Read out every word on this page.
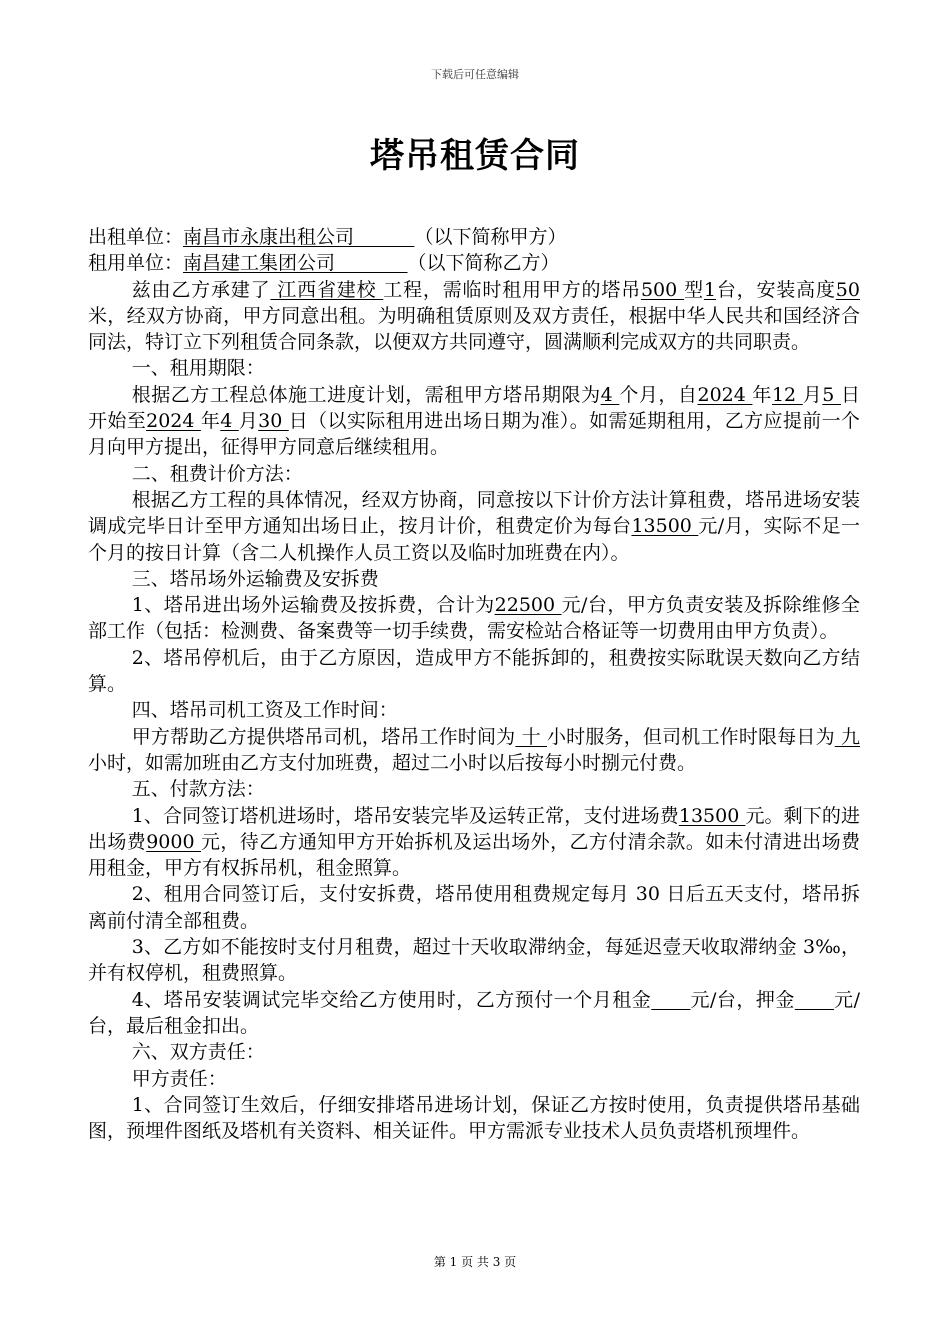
下载后可任意编辑
塔吊租赁合同

出租单位：南昌市永康出租公司	（以下简称甲方）

租用单位：南昌建工集团公司	（以下简称乙方）

兹由乙方承建了 江西省建校 工程，需临时租用甲方的塔吊500 型1台，安装高度50 米，经双方协商，甲方同意出租。为明确租赁原则及双方责任，根据中华人民共和国经济合同法，特订立下列租赁合同条款，以便双方共同遵守，圆满顺利完成双方的共同职责。

一、租用期限：

根据乙方工程总体施工进度计划，需租甲方塔吊期限为4 个月，自2024 年12 月5 日开始至2024 年4 月30 日（以实际租用进出场日期为准）。如需延期租用，乙方应提前一个月向甲方提出，征得甲方同意后继续租用。

二、租费计价方法：

根据乙方工程的具体情况，经双方协商，同意按以下计价方法计算租费，塔吊进场安装调成完毕日计至甲方通知出场日止，按月计价，租费定价为每台13500 元/月，实际不足一个月的按日计算（含二人机操作人员工资以及临时加班费在内）。

三、塔吊场外运输费及安拆费

1、塔吊进出场外运输费及按拆费，合计为22500 元/台，甲方负责安装及拆除维修全部工作（包括：检测费、备案费等一切手续费，需安检站合格证等一切费用由甲方负责）。

2、塔吊停机后，由于乙方原因，造成甲方不能拆卸的，租费按实际耽误天数向乙方结算。

四、塔吊司机工资及工作时间：

甲方帮助乙方提供塔吊司机，塔吊工作时间为 十 小时服务，但司机工作时限每日为 九 小时，如需加班由乙方支付加班费，超过二小时以后按每小时捌元付费。

五、付款方法：

1、合同签订塔机进场时，塔吊安装完毕及运转正常，支付进场费13500 元。剩下的进出场费9000 元，待乙方通知甲方开始拆机及运出场外，乙方付清余款。如未付清进出场费用租金，甲方有权拆吊机，租金照算。

2、租用合同签订后，支付安拆费，塔吊使用租费规定每月 30 日后五天支付，塔吊拆离前付清全部租费。

3、乙方如不能按时支付月租费，超过十天收取滞纳金，每延迟壹天收取滞纳金 3‰，并有权停机，租费照算。

4、塔吊安装调试完毕交给乙方使用时，乙方预付一个月租金 元/台，押金 元/台，最后租金扣出。

六、双方责任：

甲方责任：

1、合同签订生效后，仔细安排塔吊进场计划，保证乙方按时使用，负责提供塔吊基础图，预埋件图纸及塔机有关资料、相关证件。甲方需派专业技术人员负责塔机预埋件。

第 1 页 共 3 页
